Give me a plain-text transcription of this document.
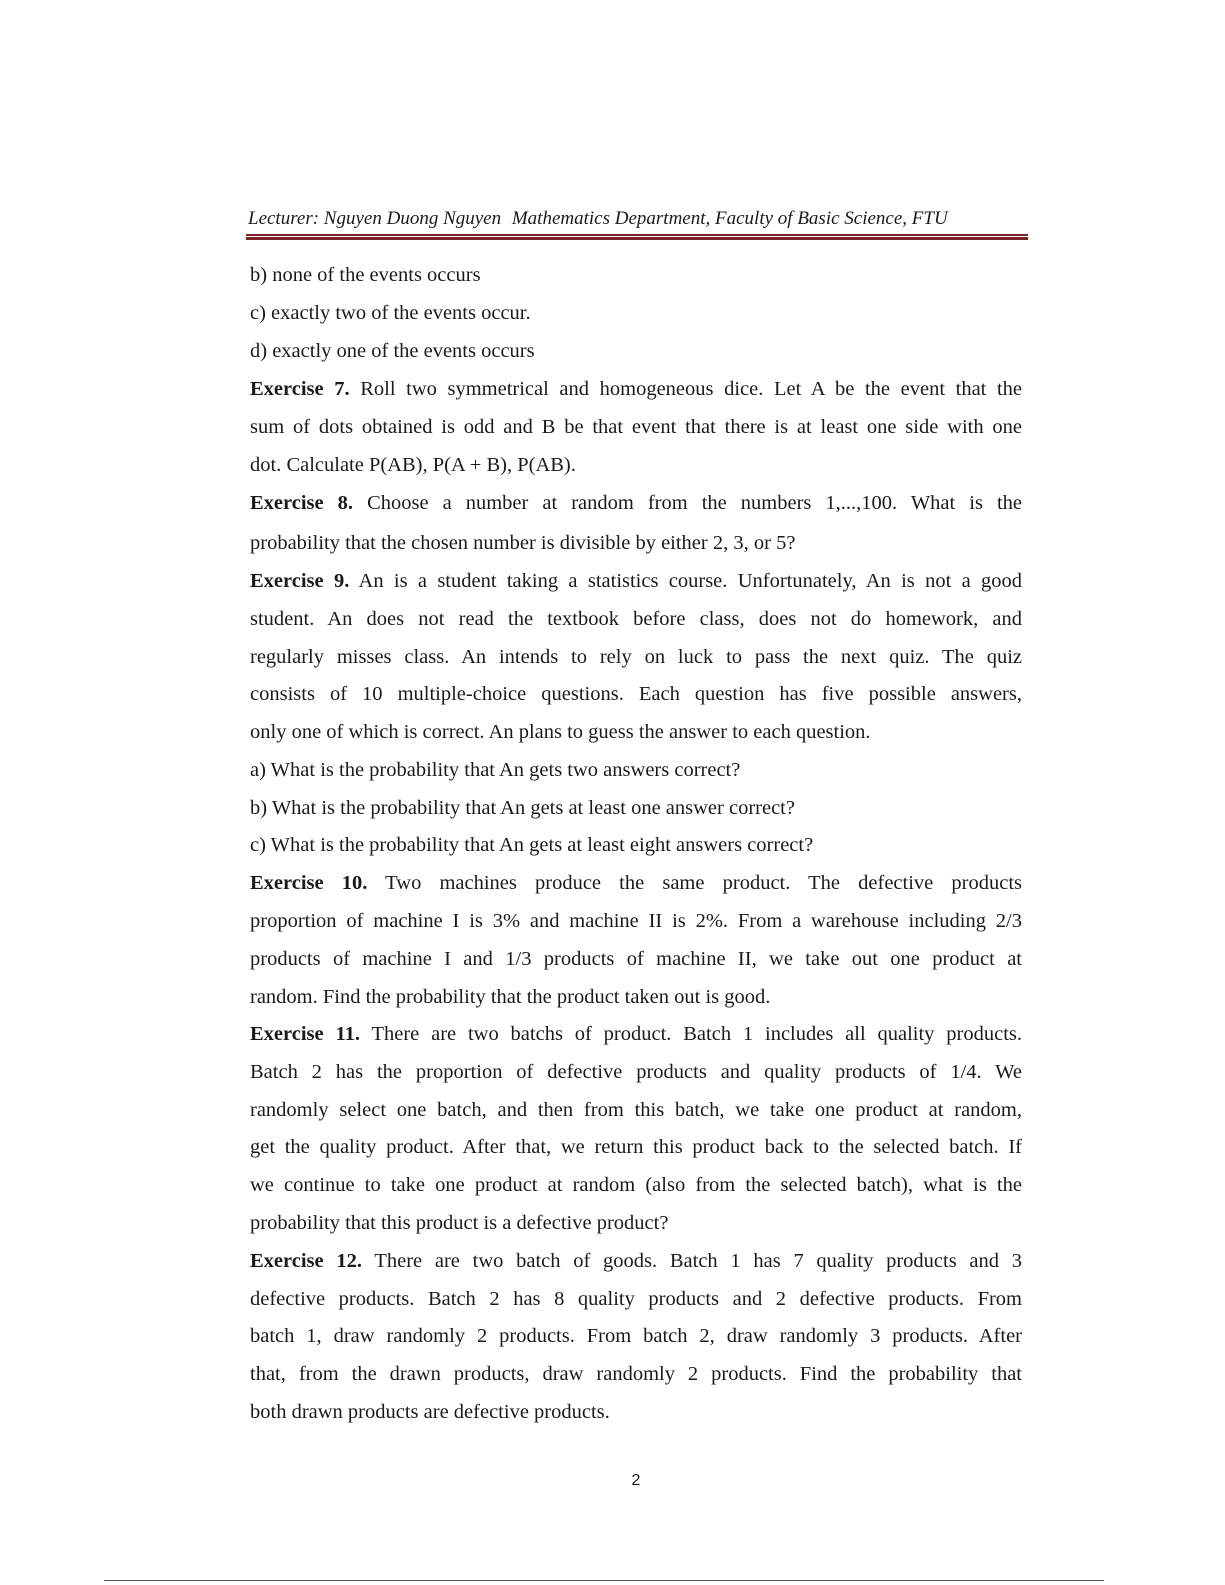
Lecturer: Nguyen Duong Nguyen Mathematics Department, Faculty of Basic Science, FTU
b) none of the events occurs
c) exactly two of the events occur.
d) exactly one of the events occurs
Exercise 7. Roll two symmetrical and homogeneous dice. Let A be the event that the
sum of dots obtained is odd and B be that event that there is at least one side with one
dot. Calculate P(AB), P(A + B), P(AB).
Exercise 8. Choose a number at random from the numbers 1,...,100. What is the
probability that the chosen number is divisible by either 2, 3, or 5?
Exercise 9. An is a student taking a statistics course. Unfortunately, An is not a good
student. An does not read the textbook before class, does not do homework, and
regularly misses class. An intends to rely on luck to pass the next quiz. The quiz
consists of 10 multiple-choice questions. Each question has five possible answers,
only one of which is correct. An plans to guess the answer to each question.
a) What is the probability that An gets two answers correct?
b) What is the probability that An gets at least one answer correct?
c) What is the probability that An gets at least eight answers correct?
Exercise 10. Two machines produce the same product. The defective products
proportion of machine I is 3% and machine II is 2%. From a warehouse including 2/3
products of machine I and 1/3 products of machine II, we take out one product at
random. Find the probability that the product taken out is good.
Exercise 11. There are two batchs of product. Batch 1 includes all quality products.
Batch 2 has the proportion of defective products and quality products of 1/4. We
randomly select one batch, and then from this batch, we take one product at random,
get the quality product. After that, we return this product back to the selected batch. If
we continue to take one product at random (also from the selected batch), what is the
probability that this product is a defective product?
Exercise 12. There are two batch of goods. Batch 1 has 7 quality products and 3
defective products. Batch 2 has 8 quality products and 2 defective products. From
batch 1, draw randomly 2 products. From batch 2, draw randomly 3 products. After
that, from the drawn products, draw randomly 2 products. Find the probability that
both drawn products are defective products.
2
